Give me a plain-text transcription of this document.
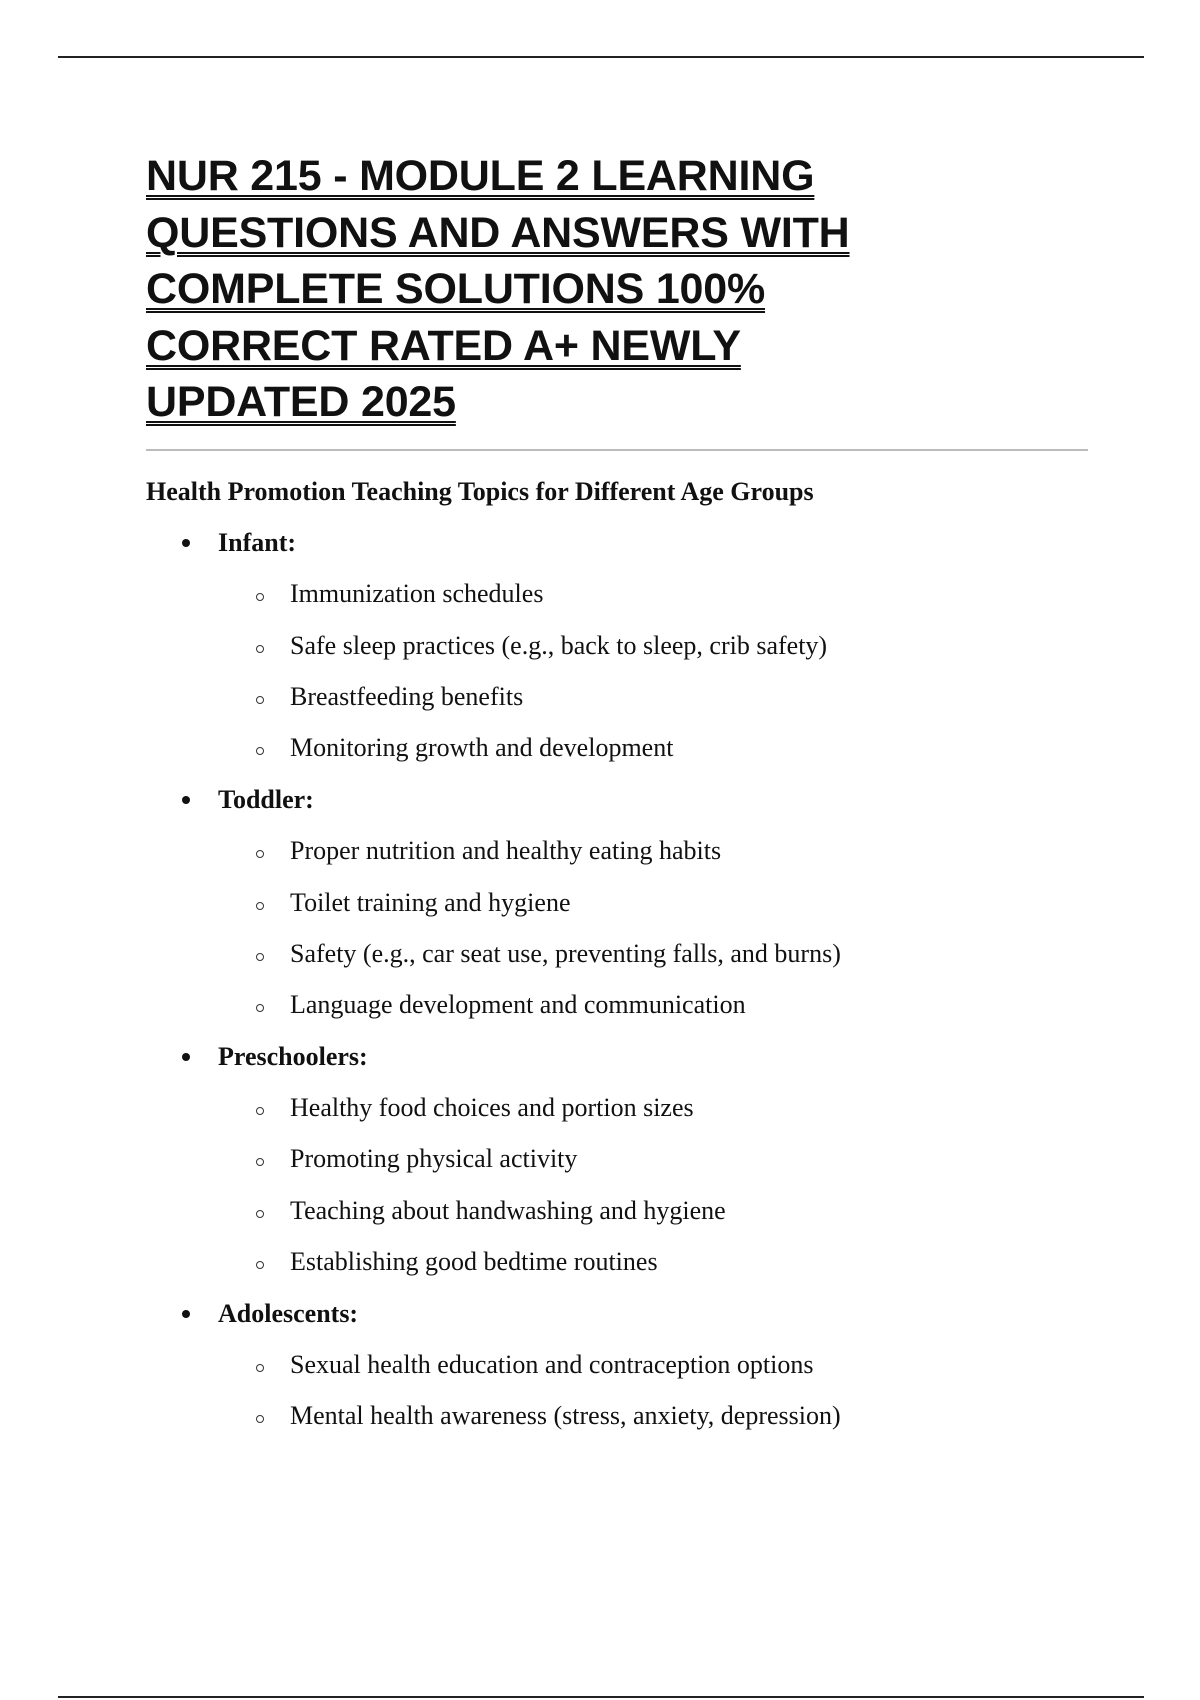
NUR 215 - MODULE 2 LEARNING
QUESTIONS AND ANSWERS WITH
COMPLETE SOLUTIONS 100%
CORRECT RATED A+ NEWLY
UPDATED 2025
Health Promotion Teaching Topics for Different Age Groups
Infant:
Immunization schedules
Safe sleep practices (e.g., back to sleep, crib safety)
Breastfeeding benefits
Monitoring growth and development
Toddler:
Proper nutrition and healthy eating habits
Toilet training and hygiene
Safety (e.g., car seat use, preventing falls, and burns)
Language development and communication
Preschoolers:
Healthy food choices and portion sizes
Promoting physical activity
Teaching about handwashing and hygiene
Establishing good bedtime routines
Adolescents:
Sexual health education and contraception options
Mental health awareness (stress, anxiety, depression)
